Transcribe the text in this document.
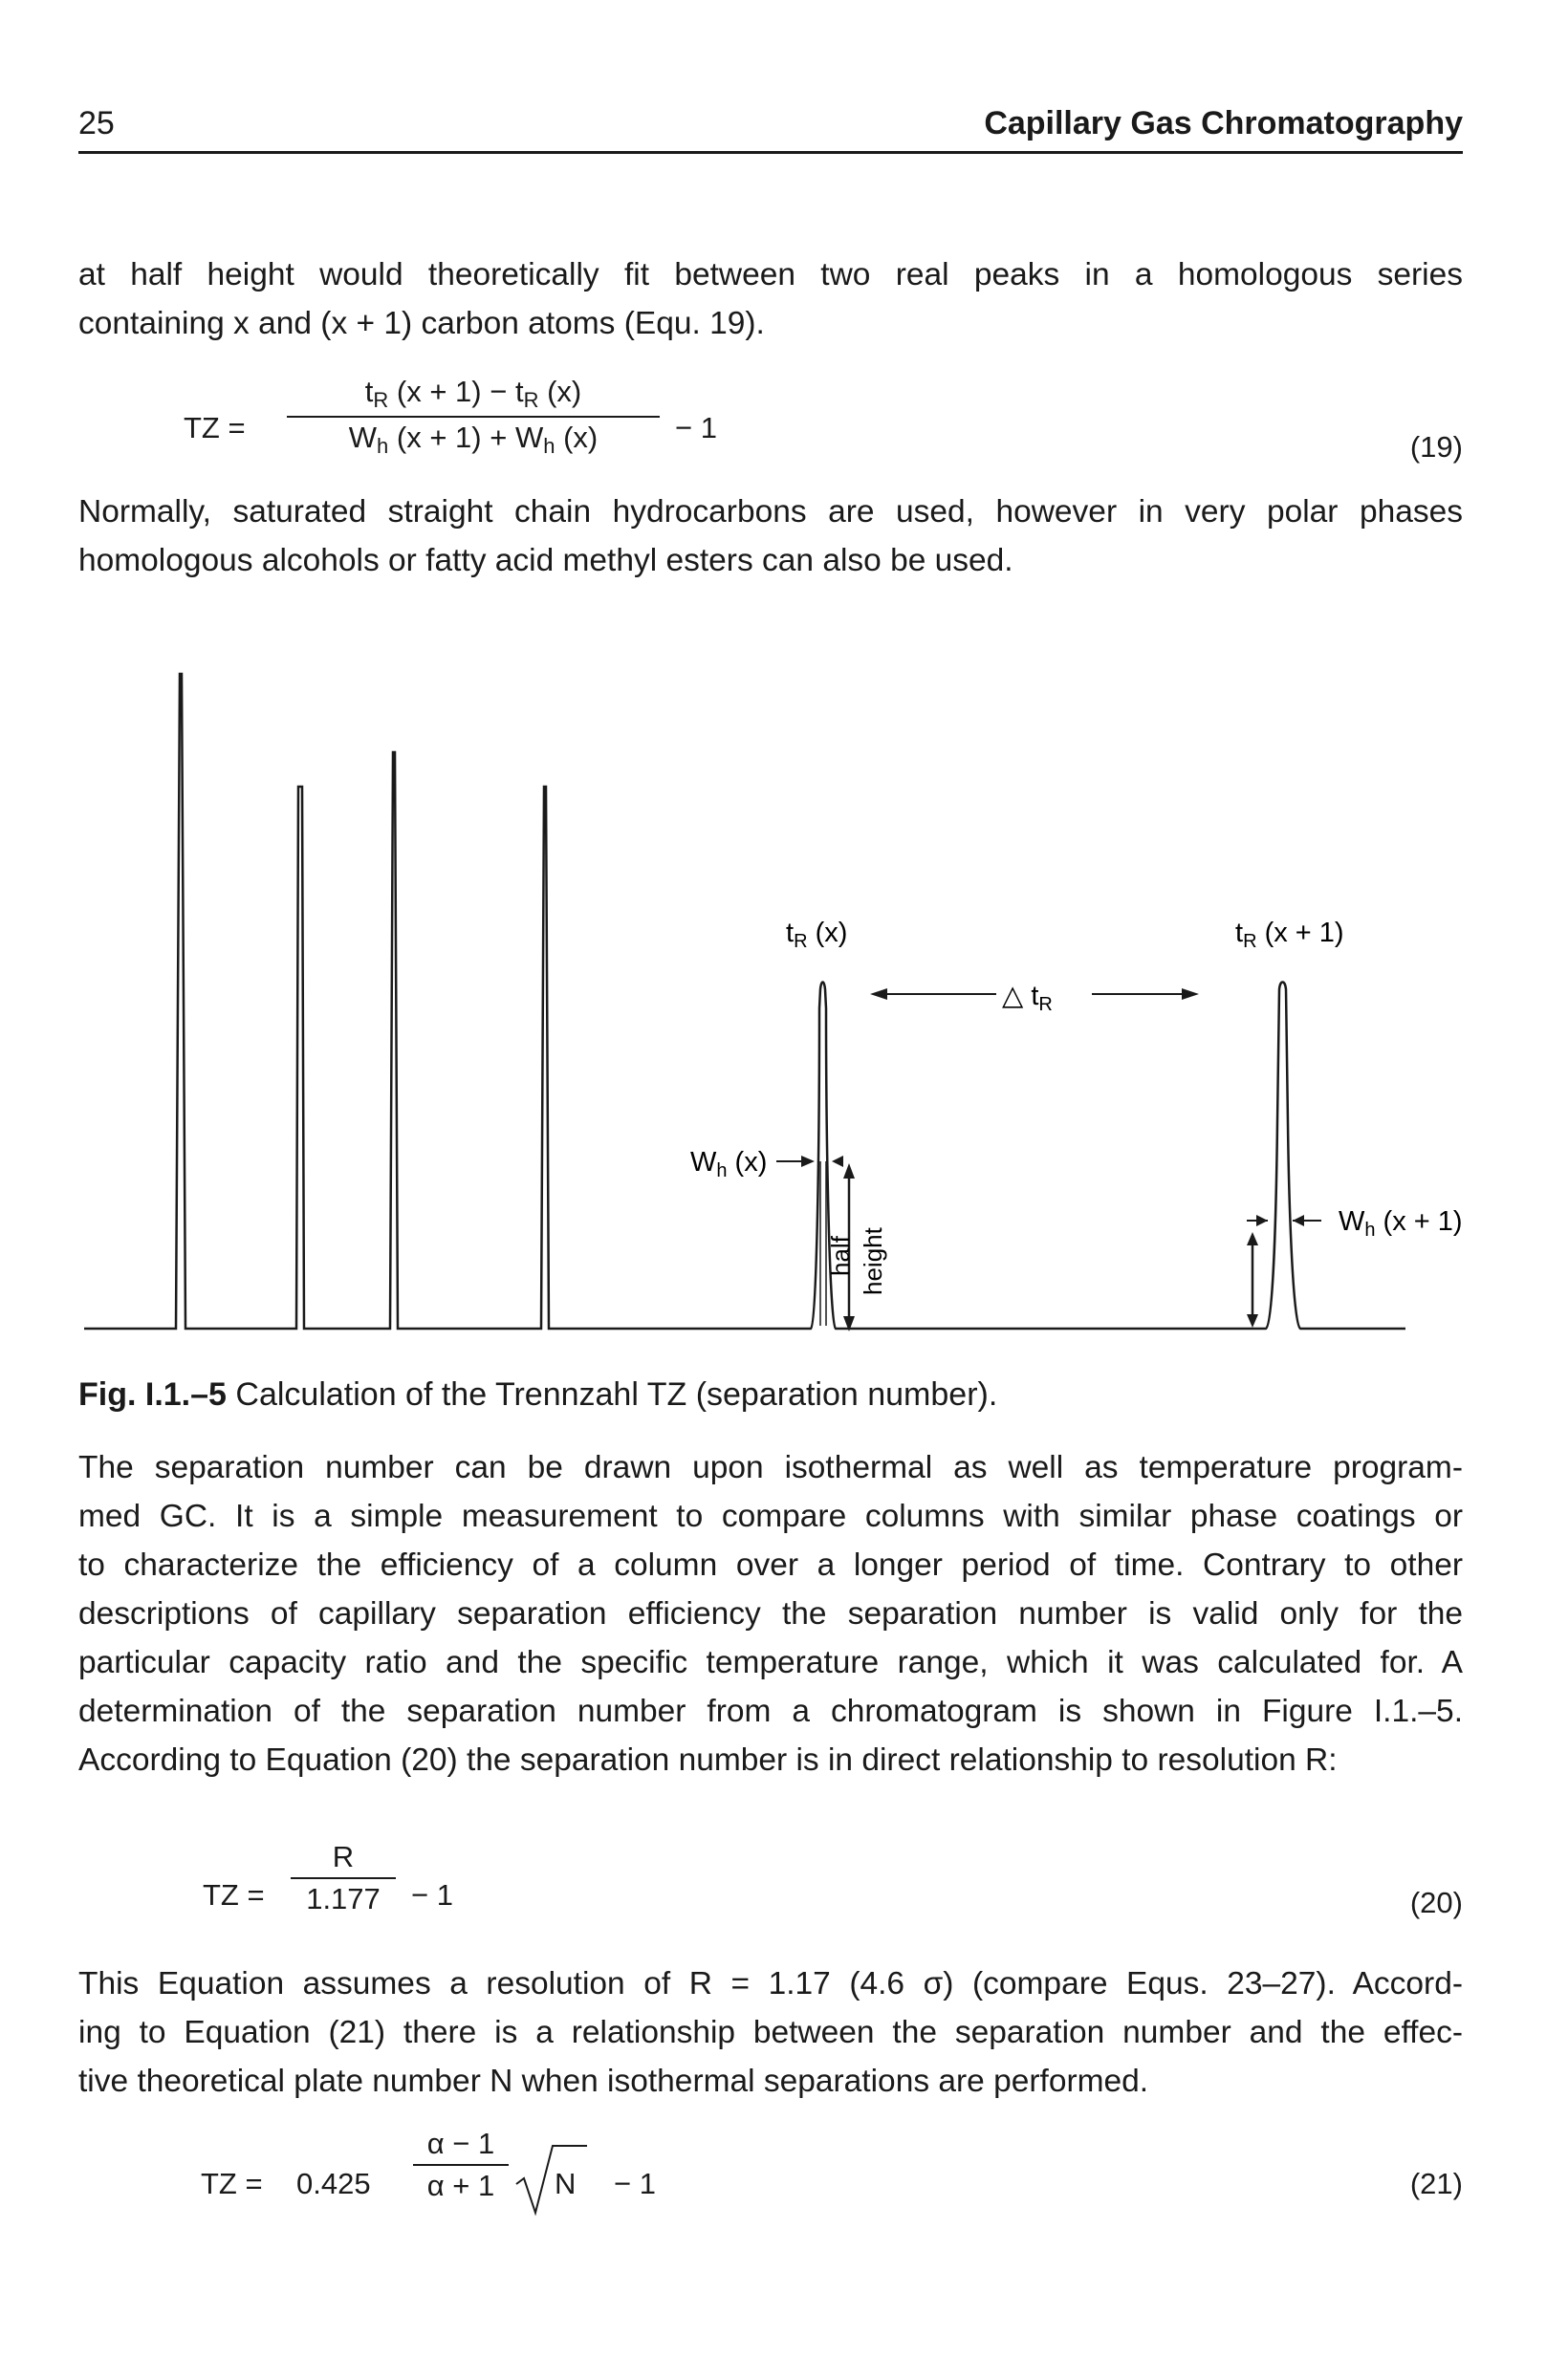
25	Capillary Gas Chromatography
at half height would theoretically fit between two real peaks in a homologous series
containing x and (x + 1) carbon atoms (Equ. 19).
TZ =
$t_R$ $(x + 1) - t_R$ (x)
$W_h$ $(x + 1) + W_h$ (x)	− 1
(19)
Normally, saturated straight chain hydrocarbons are used, however in very polar phases
homologous alcohols or fatty acid methyl esters can also be used.
$t_R$ (x)	$t_R$ (x + 1)
△ $t_R$
$W_h$ (x)
$W_h$ (x + 1)
half height
Fig. I.1.–5 Calculation of the Trennzahl TZ (separation number).
The separation number can be drawn upon isothermal as well as temperature program-
med GC. It is a simple measurement to compare columns with similar phase coatings or
to characterize the efficiency of a column over a longer period of time. Contrary to other
descriptions of capillary separation efficiency the separation number is valid only for the
particular capacity ratio and the specific temperature range, which it was calculated for. A
determination of the separation number from a chromatogram is shown in Figure I.1.–5.
According to Equation (20) the separation number is in direct relationship to resolution R:
TZ =
R
1.177	− 1	(20)
This Equation assumes a resolution of R = 1.17 (4.6 σ) (compare Equs. 23–27). Accord-
ing to Equation (21) there is a relationship between the separation number and the effec-
tive theoretical plate number N when isothermal separations are performed.
TZ = 0.425
α − 1
α + 1	N − 1	(21)
